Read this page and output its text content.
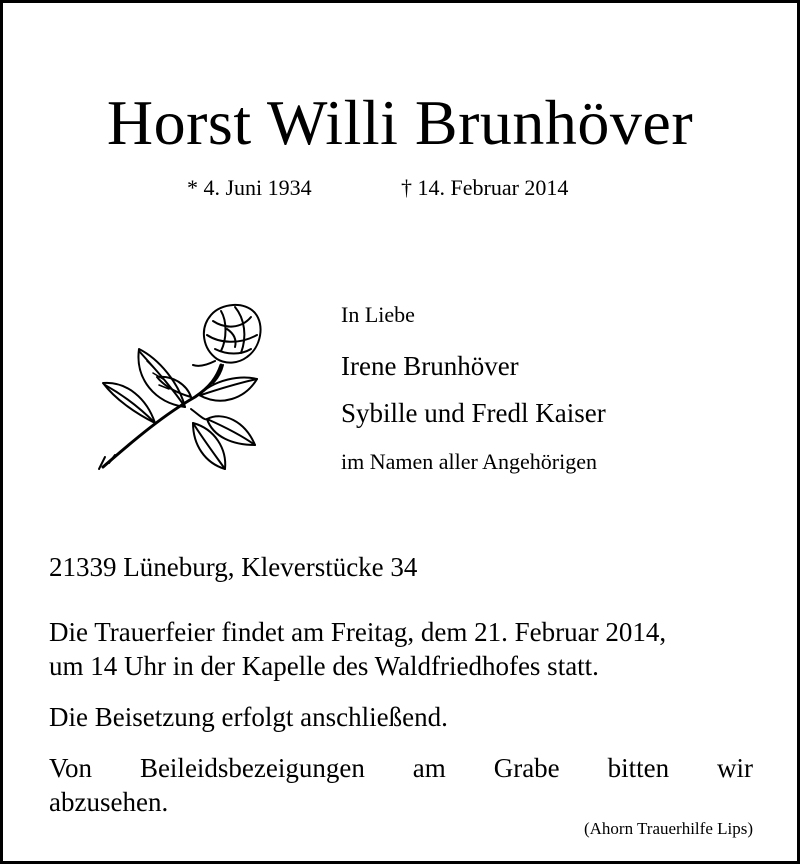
Horst Willi Brunhöver
* 4. Juni 1934	† 14. Februar 2014
In Liebe
Irene Brunhöver
Sybille und Fredl Kaiser
im Namen aller Angehörigen
21339 Lüneburg, Kleverstücke 34
Die Trauerfeier findet am Freitag, dem 21. Februar 2014,
um 14 Uhr in der Kapelle des Waldfriedhofes statt.
Die Beisetzung erfolgt anschließend.
Von Beileidsbezeigungen am Grabe bitten wir
abzusehen.
(Ahorn Trauerhilfe Lips)
